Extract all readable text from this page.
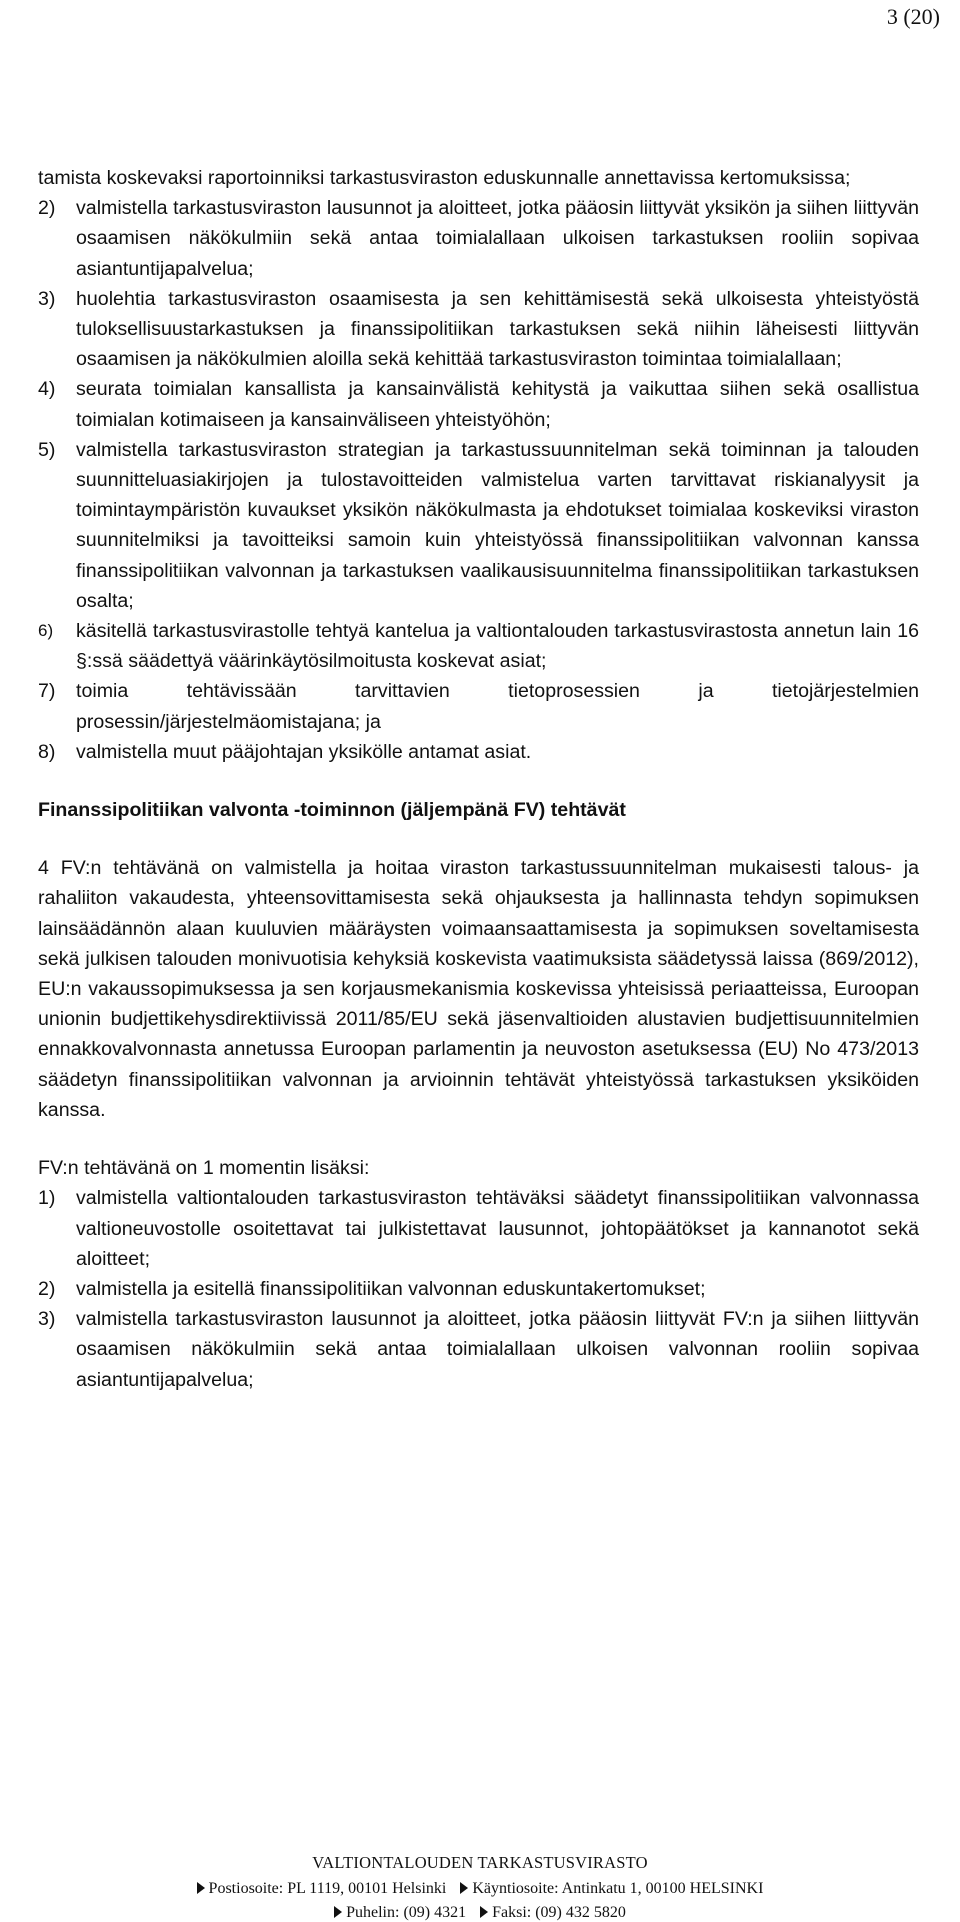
3 (20)

tamista koskevaksi raportoinniksi tarkastusviraston eduskunnalle annettavissa kertomuksissa;

2)	valmistella tarkastusviraston lausunnot ja aloitteet, jotka pääosin liittyvät yksikön ja siihen liittyvän osaamisen näkökulmiin sekä antaa toimialallaan ulkoisen tarkastuksen rooliin sopivaa asiantuntijapalvelua;
3)	huolehtia tarkastusviraston osaamisesta ja sen kehittämisestä sekä ulkoisesta yhteistyöstä tuloksellisuustarkastuksen ja finanssipolitiikan tarkastuksen sekä niihin läheisesti liittyvän osaamisen ja näkökulmien aloilla sekä kehittää tarkastusviraston toimintaa toimialallaan;
4)	seurata toimialan kansallista ja kansainvälistä kehitystä ja vaikuttaa siihen sekä osallistua toimialan kotimaiseen ja kansainväliseen yhteistyöhön;
5)	valmistella tarkastusviraston strategian ja tarkastussuunnitelman sekä toiminnan ja talouden suunnitteluasiakirjojen ja tulostavoitteiden valmistelua varten tarvittavat riskianalyysit ja toimintaympäristön kuvaukset yksikön näkökulmasta ja ehdotukset toimialaa koskeviksi viraston suunnitelmiksi ja tavoitteiksi samoin kuin yhteistyössä finanssipolitiikan valvonnan kanssa finanssipolitiikan valvonnan ja tarkastuksen vaalikausisuunnitelma finanssipolitiikan tarkastuksen osalta;
6)	käsitellä tarkastusvirastolle tehtyä kantelua ja valtiontalouden tarkastusvirastosta annetun lain 16 §:ssä säädettyä väärinkäytösilmoitusta koskevat asiat;
7)	toimia tehtävissään tarvittavien tietoprosessien ja tietojärjestelmien prosessin/järjestelmäomistajana; ja
8)	valmistella muut pääjohtajan yksikölle antamat asiat.

Finanssipolitiikan valvonta -toiminnon (jäljempänä FV) tehtävät

4 FV:n tehtävänä on valmistella ja hoitaa viraston tarkastussuunnitelman mukaisesti talous- ja rahaliiton vakaudesta, yhteensovittamisesta sekä ohjauksesta ja hallinnasta tehdyn sopimuksen lainsäädännön alaan kuuluvien määräysten voimaansaattamisesta ja sopimuksen soveltamisesta sekä julkisen talouden monivuotisia kehyksiä koskevista vaatimuksista säädetyssä laissa (869/2012), EU:n vakaussopimuksessa ja sen korjausmekanismia koskevissa yhteisissä periaatteissa, Euroopan unionin budjettikehysdirektiivissä 2011/85/EU sekä jäsenvaltioiden alustavien budjettisuunnitelmien ennakkovalvonnasta annetussa Euroopan parlamentin ja neuvoston asetuksessa (EU) No 473/2013 säädetyn finanssipolitiikan valvonnan ja arvioinnin tehtävät yhteistyössä tarkastuksen yksiköiden kanssa.

FV:n tehtävänä on 1 momentin lisäksi:

1)	valmistella valtiontalouden tarkastusviraston tehtäväksi säädetyt finanssipolitiikan valvonnassa valtioneuvostolle osoitettavat tai julkistettavat lausunnot, johtopäätökset ja kannanotot sekä aloitteet;
2)	valmistella ja esitellä finanssipolitiikan valvonnan eduskuntakertomukset;
3)	valmistella tarkastusviraston lausunnot ja aloitteet, jotka pääosin liittyvät FV:n ja siihen liittyvän osaamisen näkökulmiin sekä antaa toimialallaan ulkoisen valvonnan rooliin sopivaa asiantuntijapalvelua;
VALTIONTALOUDEN TARKASTUSVIRASTO
Postiosoite: PL 1119, 00101 Helsinki Käyntiosoite: Antinkatu 1, 00100 HELSINKI
Puhelin: (09) 4321 Faksi: (09) 432 5820
